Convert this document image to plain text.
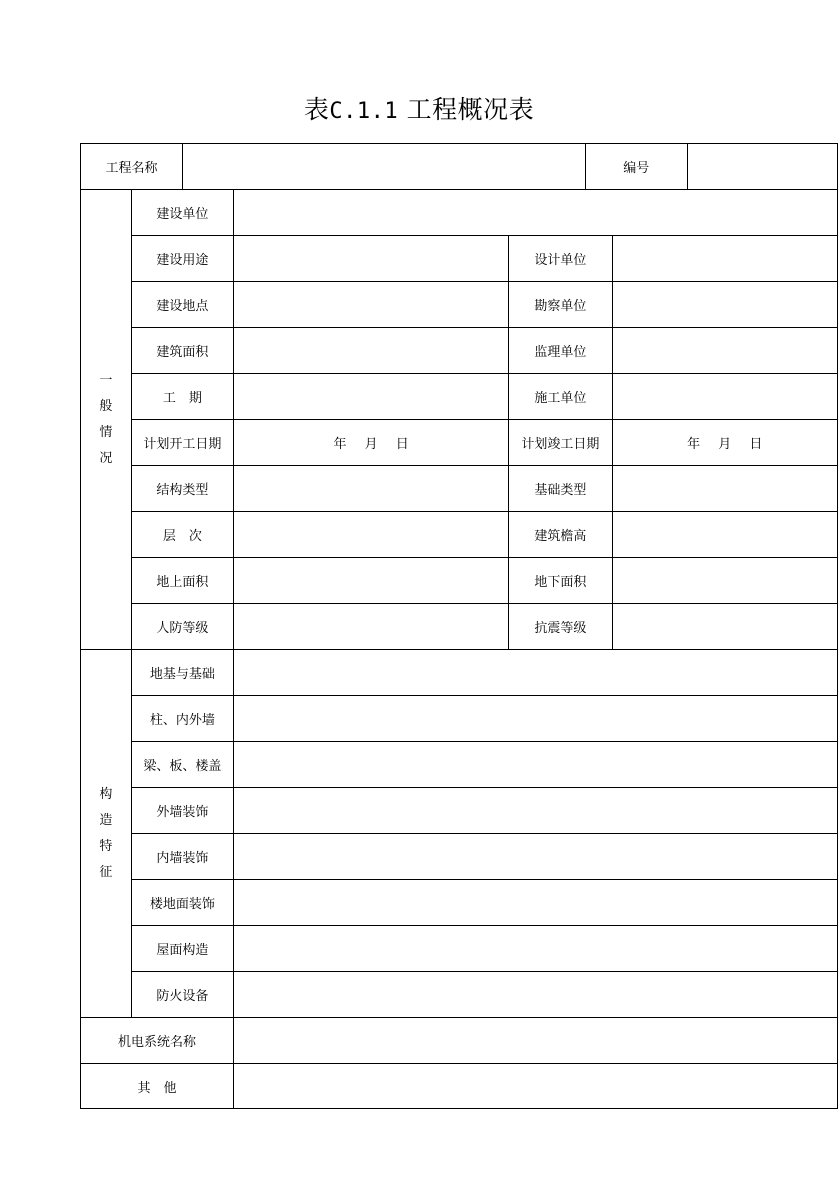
表C.1.1 工程概况表
工程名称					编号		

一
般
情
况	建设单位						
	建设用途			设计单位			
	建设地点			勘察单位			
	建筑面积			监理单位			
	工　期			施工单位			
	计划开工日期		年 月 日	计划竣工日期		年 月 日	
	结构类型			基础类型			
	层　次			建筑檐高			
	地上面积			地下面积			
	人防等级			抗震等级			

构
造
特
征	地基与基础						
	柱、内外墙						
	梁、板、楼盖						
	外墙装饰						
	内墙装饰						
	楼地面装饰						
	屋面构造						
	防火设备						
机电系统名称							
其　他							
